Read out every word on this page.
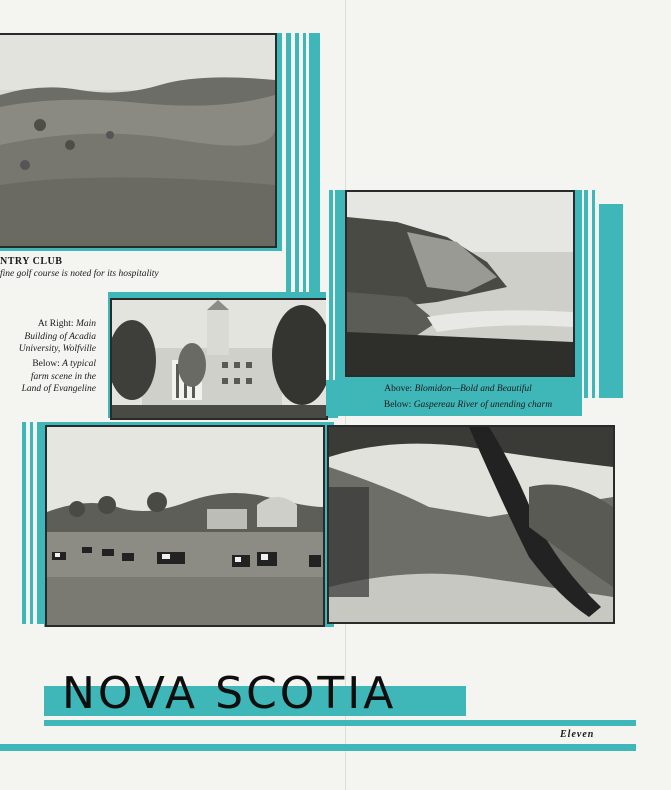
NTRY CLUB
fine golf course is noted for its hospitality
At Right: Main
Building of Acadia
University, Wolfville
Below: A typical
farm scene in the
Land of Evangeline	Above: Blomidon—Bold and Beautiful
Below: Gaspereau River of unending charm
NOVA SCOTIA
Eleven
